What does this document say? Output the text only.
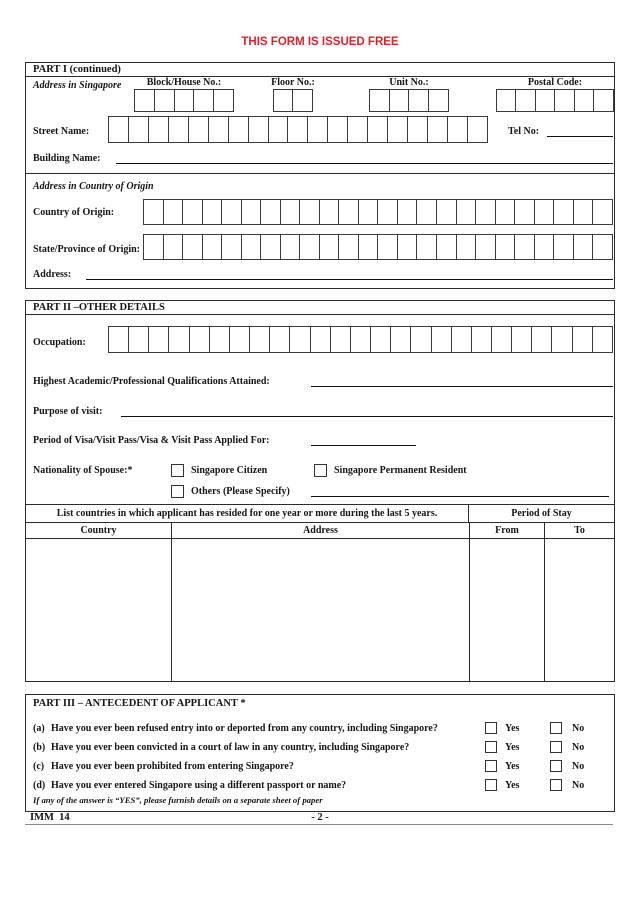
THIS FORM IS ISSUED FREE
PART I (continued)
Address in Singapore	Block/House No.:	Floor No.:	Unit No.:	Postal Code:
Street Name:	Tel No:
Building Name:
Address in Country of Origin
Country of Origin:
State/Province of Origin:
Address:
PART II –OTHER DETAILS
Occupation:
Highest Academic/Professional Qualifications Attained:
Purpose of visit:
Period of Visa/Visit Pass/Visa & Visit Pass Applied For:
Nationality of Spouse:*	Singapore Citizen	Singapore Permanent Resident
Others (Please Specify)
List countries in which applicant has resided for one year or more during the last 5 years.	Period of Stay
Country	Address	From	To
PART III – ANTECEDENT OF APPLICANT *
(a) Have you ever been refused entry into or deported from any country, including Singapore?	Yes	No
(b) Have you ever been convicted in a court of law in any country, including Singapore?	Yes	No
(c) Have you ever been prohibited from entering Singapore?	Yes	No
(d) Have you ever entered Singapore using a different passport or name?	Yes	No
If any of the answer is “YES”, please furnish details on a separate sheet of paper
IMM  14	- 2 -
